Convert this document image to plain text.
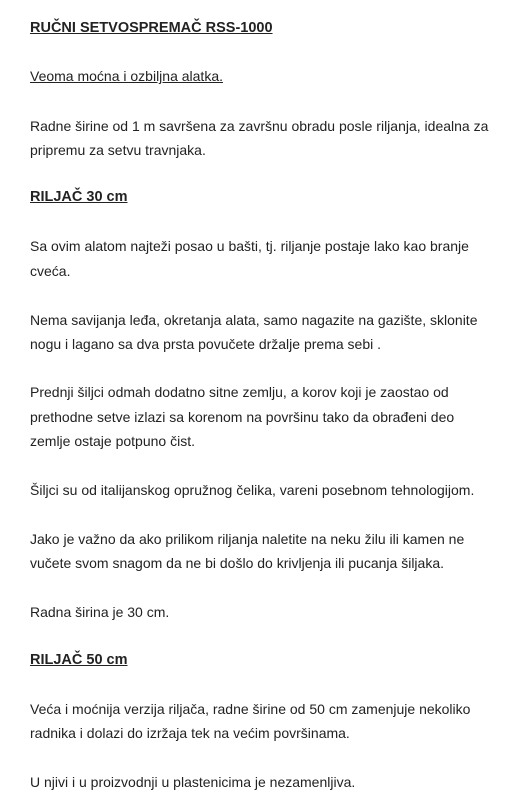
RUČNI SETVOSPREMAČ RSS-1000
Veoma moćna i ozbiljna alatka.
Radne širine od 1 m savršena za završnu obradu posle riljanja, idealna za
pripremu za setvu travnjaka.
RILJAČ 30 cm
Sa ovim alatom najteži posao u bašti, tj. riljanje postaje lako kao branje
cveća.
Nema savijanja leđa, okretanja alata, samo nagazite na gazište, sklonite
nogu i lagano sa dva prsta povučete držalje prema sebi .
Prednji šiljci odmah dodatno sitne zemlju, a korov koji je zaostao od
prethodne setve izlazi sa korenom na površinu tako da obrađeni deo
zemlje ostaje potpuno čist.
Šiljci su od italijanskog opružnog čelika, vareni posebnom tehnologijom.
Jako je važno da ako prilikom riljanja naletite na neku žilu ili kamen ne
vučete svom snagom da ne bi došlo do krivljenja ili pucanja šiljaka.
Radna širina je 30 cm.
RILJAČ 50 cm
Veća i moćnija verzija riljača, radne širine od 50 cm zamenjuje nekoliko
radnika i dolazi do izržaja tek na većim površinama.
U njivi i u proizvodnji u plastenicima je nezamenljiva.
